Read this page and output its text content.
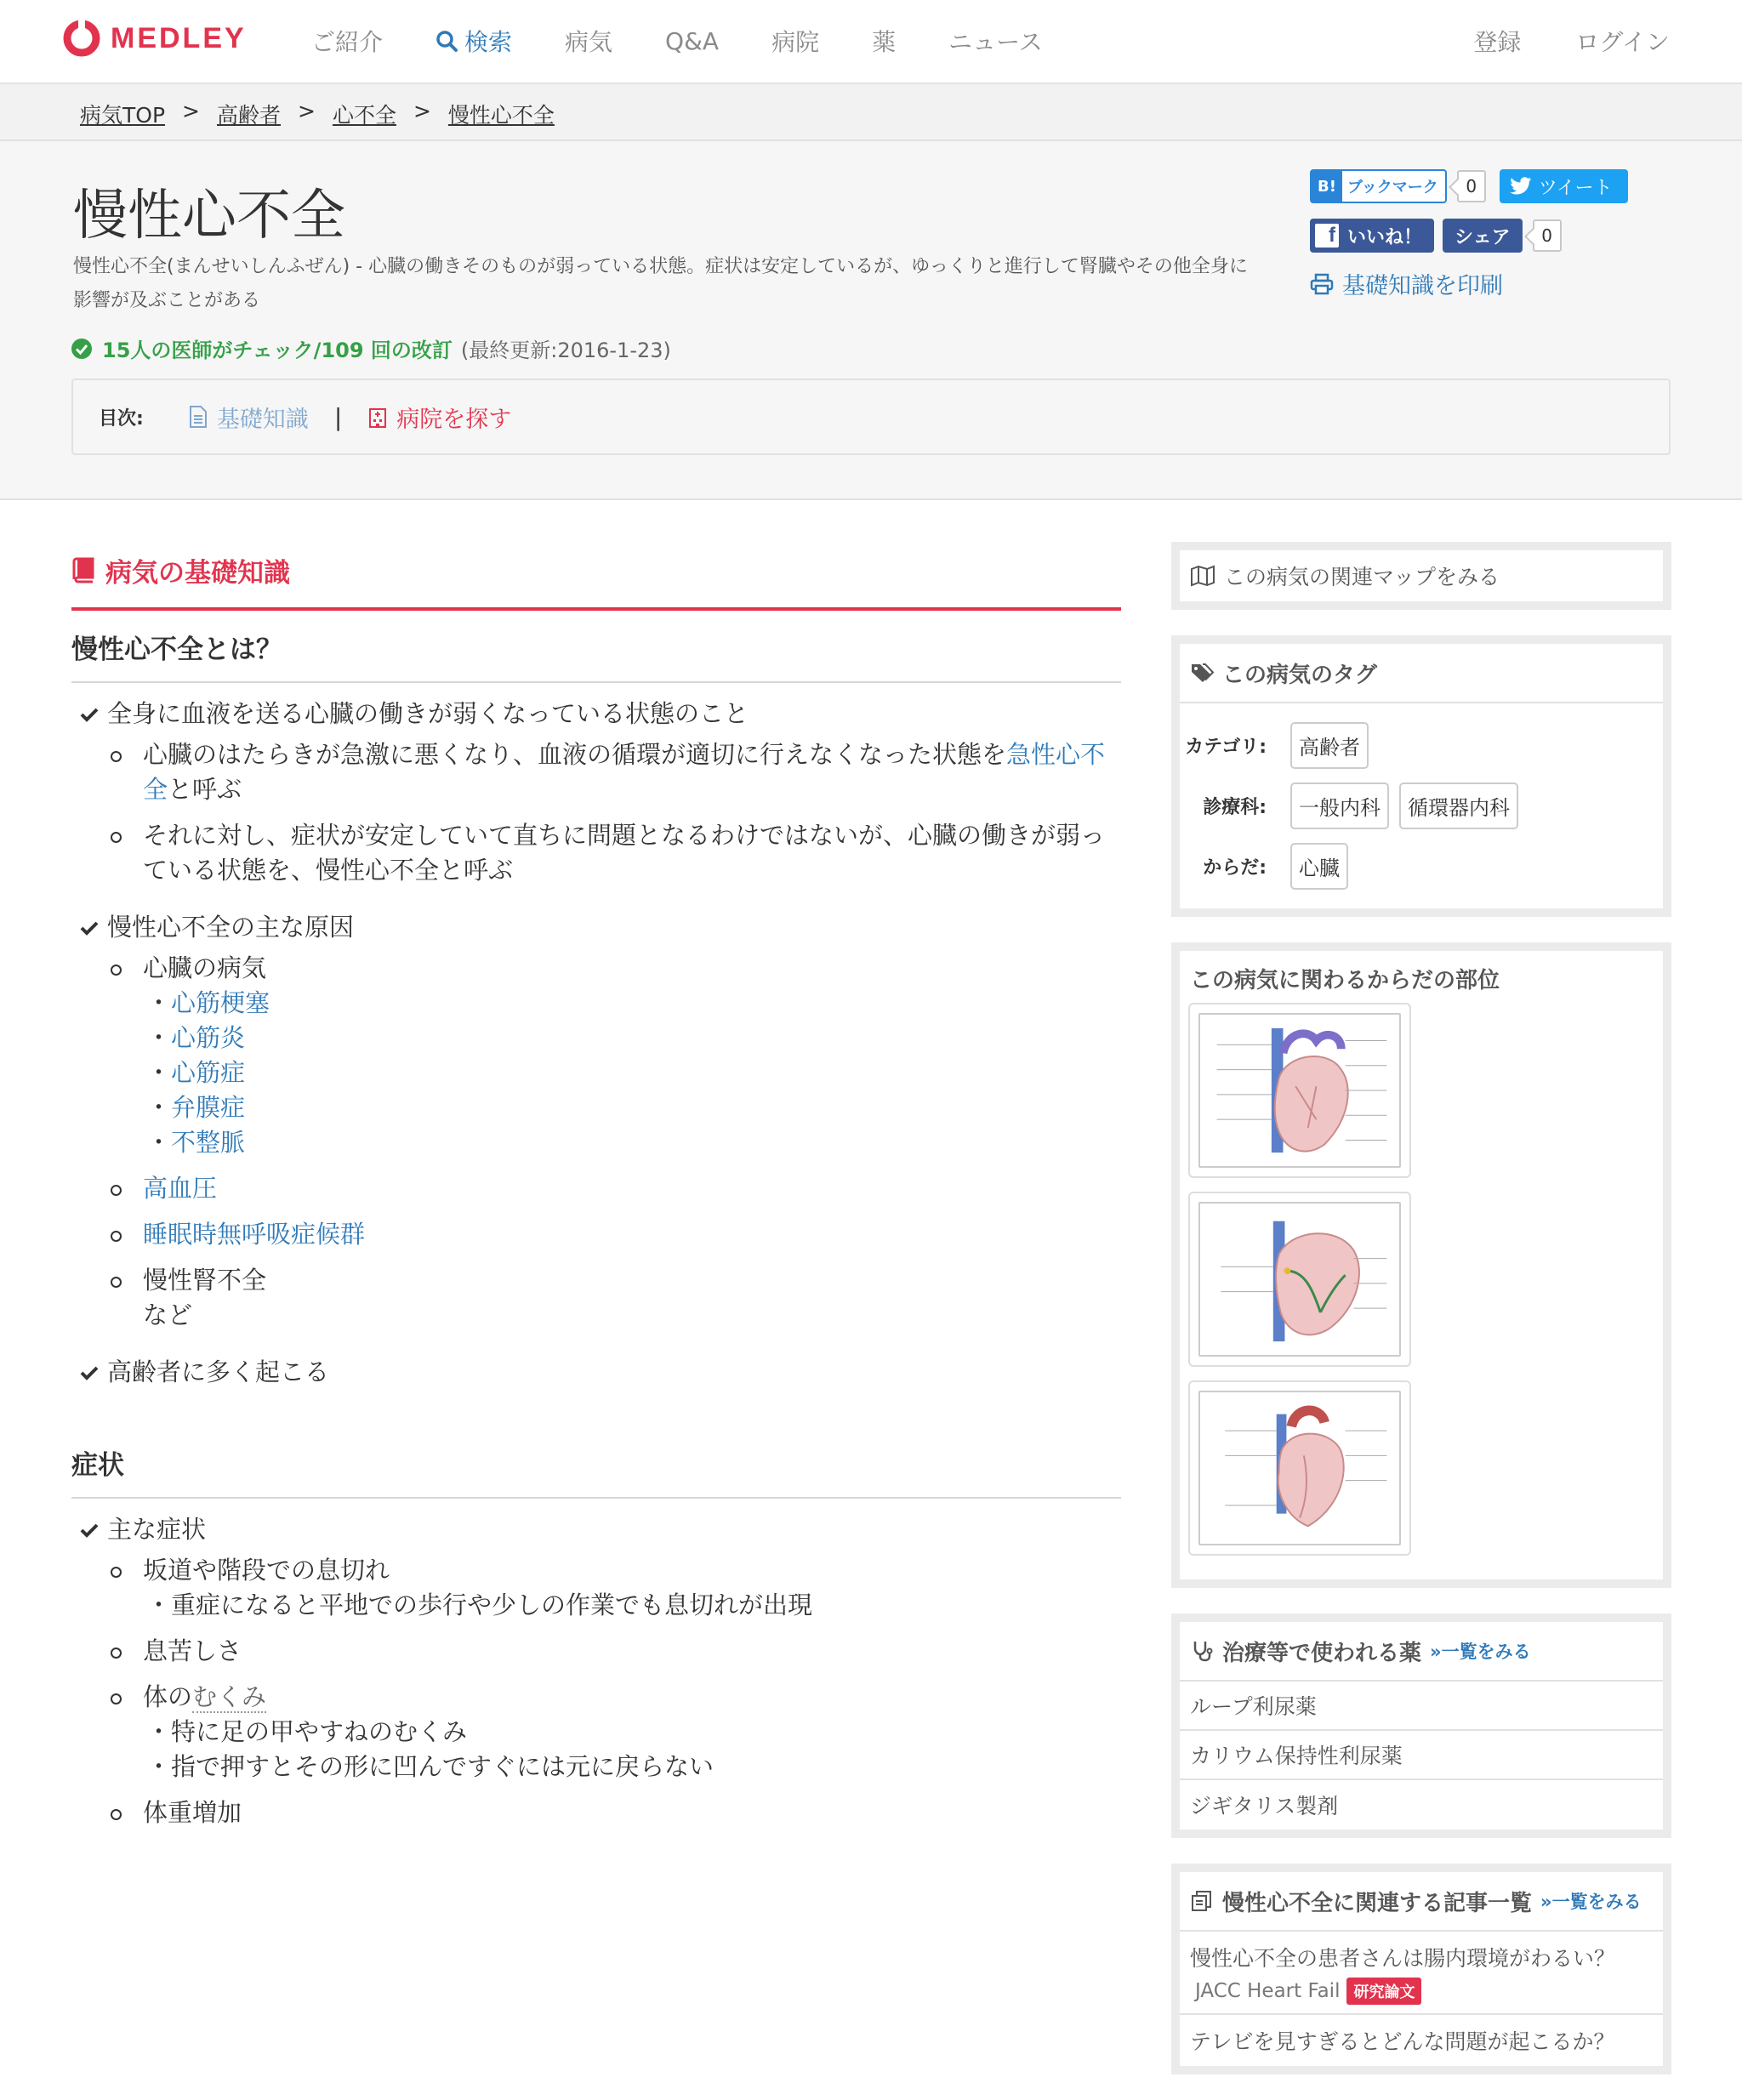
MEDLEY	ご紹介	検索 病気 Q&A 病院 薬 ニュース	登録 ログイン
病気TOP > 高齢者 > 心不全 > 慢性心不全
慢性心不全

慢性心不全(まんせいしんふぜん) - 心臓の働きそのものが弱っている状態。症状は安定しているが、ゆっくりと進行して腎臓やその他全身に影響が及ぶことがある

15人の医師がチェック/109 回の改訂 (最終更新:2016-1-23)
B! ブックマーク	0	ツイート
f いいね！	シェア	0
基礎知識を印刷
目次:	基礎知識 | 病院を探す
病気の基礎知識
慢性心不全とは？
全身に血液を送る心臓の働きが弱くなっている状態のこと
心臓のはたらきが急激に悪くなり、血液の循環が適切に行えなくなった状態を急性心不全と呼ぶ
それに対し、症状が安定していて直ちに問題となるわけではないが、心臓の働きが弱っている状態を、慢性心不全と呼ぶ
慢性心不全の主な原因
心臓の病気
・心筋梗塞
・心筋炎
・心筋症
・弁膜症
・不整脈
高血圧
睡眠時無呼吸症候群
慢性腎不全
など
高齢者に多く起こる
症状
主な症状
坂道や階段での息切れ
・重症になると平地での歩行や少しの作業でも息切れが出現
息苦しさ
体のむくみ
・特に足の甲やすねのむくみ
・指で押すとその形に凹んですぐには元に戻らない
体重増加
この病気の関連マップをみる
この病気のタグ
カテゴリ:	高齢者
診療科:	一般内科	循環器内科
からだ:	心臓
この病気に関わるからだの部位
治療等で使われる薬 »一覧をみる
ループ利尿薬
カリウム保持性利尿薬
ジギタリス製剤
慢性心不全に関連する記事一覧 »一覧をみる
慢性心不全の患者さんは腸内環境がわるい？
JACC Heart Fail 研究論文
テレビを見すぎるとどんな問題が起こるか？
